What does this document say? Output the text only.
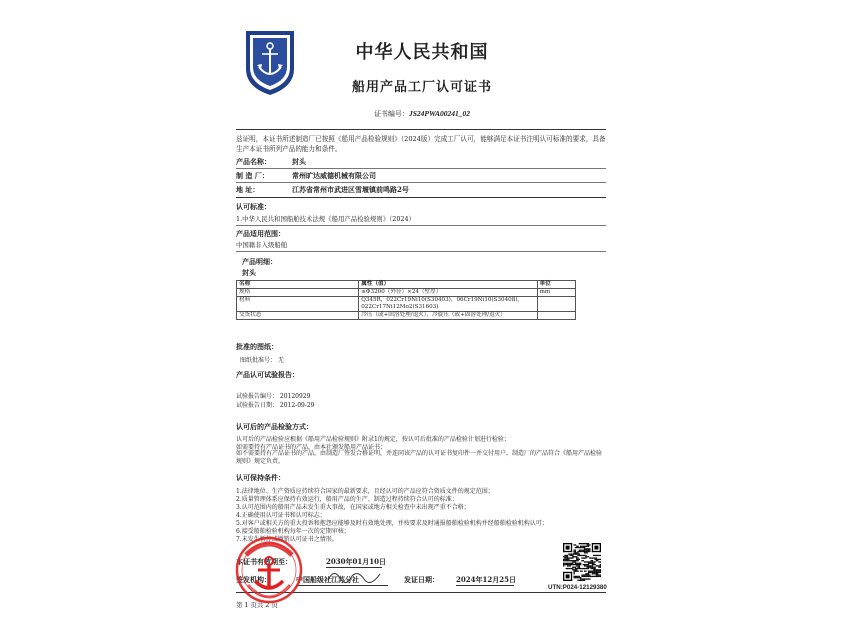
中华人民共和国
船用产品工厂认可证书
证书编号：JS24PWA00241_02
兹证明，本证书所述制造厂已按照《船用产品检验规则》（2024版）完成工厂认可，能够满足本证书注明认可标准的要求，具备生产本证书所列产品的能力和条件。
产品名称：	封头
制 造 厂：	常州旷达威德机械有限公司
地 址：	江苏省常州市武进区雪堰镇前鸣路2号
认可标准：
1.中华人民共和国船舶技术法规《船用产品检验规则》（2024）
产品适用范围：
中国籍非入级船舶
产品明细：
封头
名称	属性（值）	单位
规格	≤Φ3200（外径）×24（壁厚）	mm
材料	Q345R，022Cr19Ni10(S30403)，06Cr19Ni10(S30408)，022Cr17Ni12Mo2(S31603)	
交货状态	冷压（或+固溶处理/退火），冷旋压（或+固溶处理/退火）	
批准的图纸：
图纸批准号： 无
产品认可试验报告：
试验报告编号： 20120929
试验报告日期： 2012-09-29
认可后的产品检验方式：
认可后的产品检验应根据《船用产品检验规则》附录1的规定，按认可后批准的产品检验计划进行检验；
如需要持有产品证书的产品，由本社颁发船用产品证书；
如不需要持有产品证书的产品，由制造厂签发合格证明，并连同该产品的认可证书复印件一并交付用户，制造厂的产品符合《船用产品检验规则》规定负责。
认可保持条件：
1.法律地位、生产资质应持续符合国家的最新要求，且经认可的产品应符合资质文件的规定范围；
2.质量管理体系应保持有效运行，船用产品的生产、制造过程持续符合认可的标准；
3.认可范围内的船用产品未发生重大事故，在国家或地方相关检查中未出现严重不合格；
4.正确使用认可证书和认可标志；
5.对客户或相关方的重大投诉和抱怨应能够及时有效地处理，并按要求及时通报船舶检验机构并经船舶检验机构认可；
6.接受船舶检验机构每年一次的定期审核；
7.未发生暂停或撤销认可证书之情形。
本证书有效期至：	2030年01月10日
签发机构：	中国船级社江苏分社	发证日期： 2024年12月25日
UTN:P024-12129380
第 1 页共 2 页
